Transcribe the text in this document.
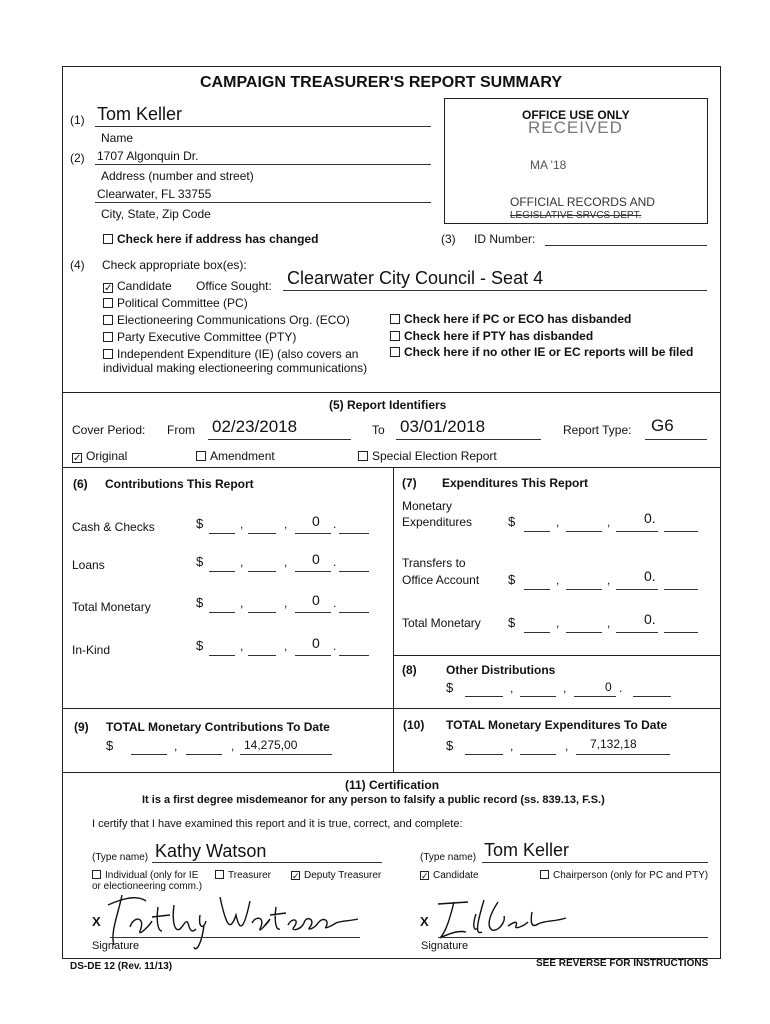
CAMPAIGN TREASURER'S REPORT SUMMARY
(1) Tom Keller
Name
(2) 1707 Algonquin Dr.
Address (number and street)
Clearwater, FL 33755
City, State, Zip Code
Check here if address has changed
OFFICE USE ONLY
RECEIVED
MA '18
OFFICIAL RECORDS AND
LEGISLATIVE SRVCS DEPT.
(3) ID Number:
(4) Check appropriate box(es):
✓ Candidate Office Sought: Clearwater City Council - Seat 4
Political Committee (PC)
Electioneering Communications Org. (ECO)
Party Executive Committee (PTY)
Independent Expenditure (IE) (also covers an
individual making electioneering communications)
Check here if PC or ECO has disbanded
Check here if PTY has disbanded
Check here if no other IE or EC reports will be filed
(5) Report Identifiers
Cover Period: From 02/23/2018	To 03/01/2018	Report Type: G6
✓ Original	Amendment	Special Election Report
(6) Contributions This Report
Cash & Checks	$	,	, 0 .
Loans	$	,	, 0 .
Total Monetary	$	,	, 0 .
In-Kind	$	,	, 0 .
(7) Expenditures This Report
Monetary
Expenditures	$	,	, 0.
Transfers to
Office Account $	,	, 0.
Total Monetary $	,	, 0.
(8) Other Distributions
$	,	,	0 .
(9) TOTAL Monetary Contributions To Date
$	,	, 14,275,00
(10) TOTAL Monetary Expenditures To Date
$	,	, 7,132,18
(11) Certification
It is a first degree misdemeanor for any person to falsify a public record (ss. 839.13, F.S.)
I certify that I have examined this report and it is true, correct, and complete:
(Type name) Kathy Watson	(Type name) Tom Keller
Individual (only for IE
or electioneering comm.)
Treasurer ✓ Deputy Treasurer	✓ Candidate	Chairperson (only for PC and PTY)
X
Signature
X
Signature
DS-DE 12 (Rev. 11/13)	SEE REVERSE FOR INSTRUCTIONS
